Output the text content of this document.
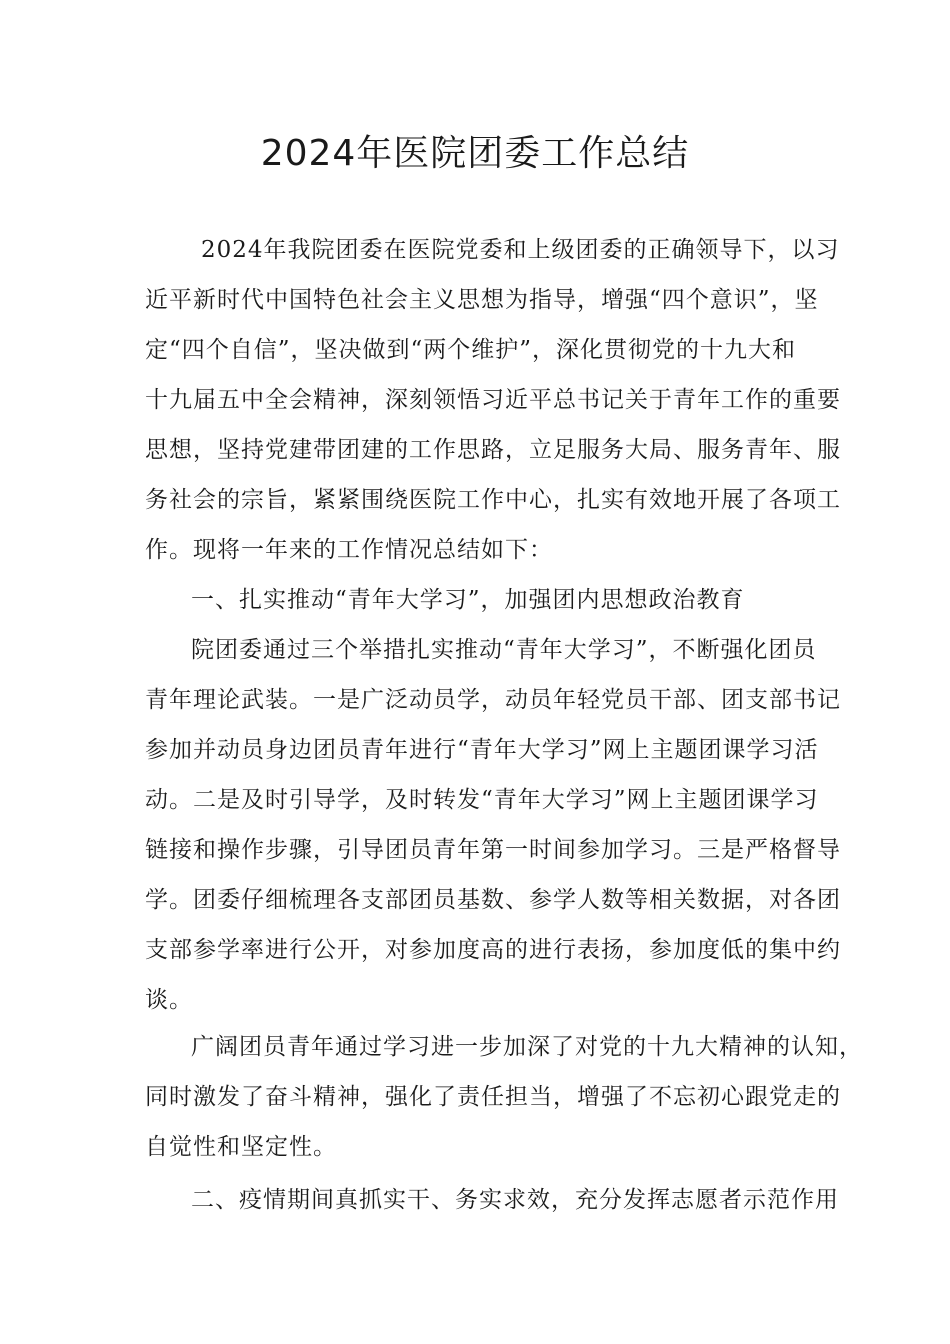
2024年医院团委工作总结
2024年我院团委在医院党委和上级团委的正确领导下，以习
近平新时代中国特色社会主义思想为指导，增强“四个意识”，坚
定“四个自信”，坚决做到“两个维护”，深化贯彻党的十九大和
十九届五中全会精神，深刻领悟习近平总书记关于青年工作的重要
思想，坚持党建带团建的工作思路，立足服务大局、服务青年、服
务社会的宗旨，紧紧围绕医院工作中心，扎实有效地开展了各项工
作。现将一年来的工作情况总结如下：
一、扎实推动“青年大学习”，加强团内思想政治教育
院团委通过三个举措扎实推动“青年大学习”，不断强化团员
青年理论武装。一是广泛动员学，动员年轻党员干部、团支部书记
参加并动员身边团员青年进行“青年大学习”网上主题团课学习活
动。二是及时引导学，及时转发“青年大学习”网上主题团课学习
链接和操作步骤，引导团员青年第一时间参加学习。三是严格督导
学。团委仔细梳理各支部团员基数、参学人数等相关数据，对各团
支部参学率进行公开，对参加度高的进行表扬，参加度低的集中约
谈。
广阔团员青年通过学习进一步加深了对党的十九大精神的认知，
同时激发了奋斗精神，强化了责任担当，增强了不忘初心跟党走的
自觉性和坚定性。
二、疫情期间真抓实干、务实求效，充分发挥志愿者示范作用
